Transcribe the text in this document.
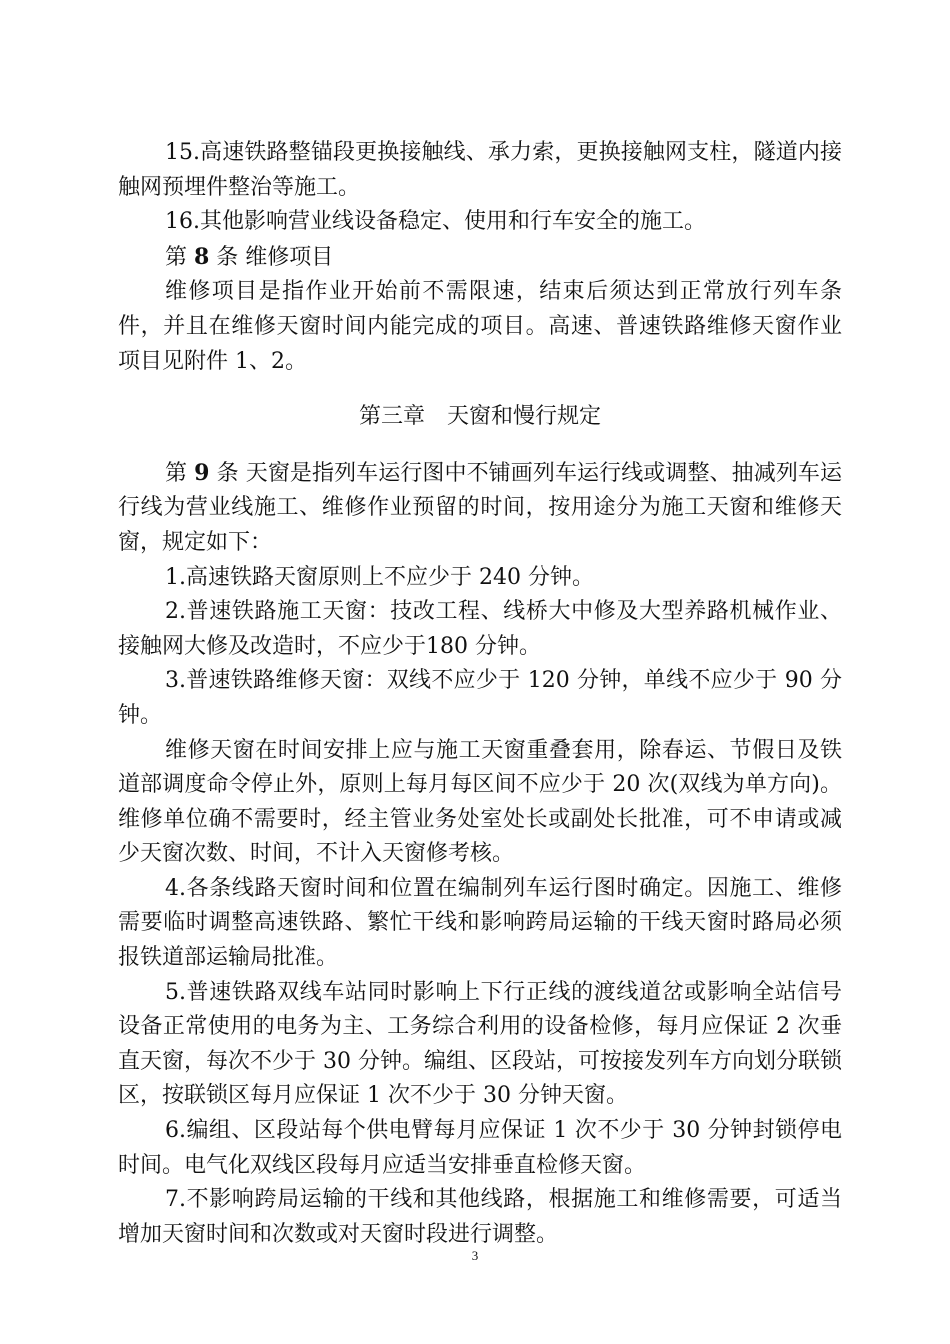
15.高速铁路整锚段更换接触线、承力索，更换接触网支柱，隧道内接触网预埋件整治等施工。

16.其他影响营业线设备稳定、使用和行车安全的施工。

第 8 条 维修项目

维修项目是指作业开始前不需限速，结束后须达到正常放行列车条件，并且在维修天窗时间内能完成的项目。高速、普速铁路维修天窗作业项目见附件 1、2。

第三章　天窗和慢行规定

第 9 条 天窗是指列车运行图中不铺画列车运行线或调整、抽减列车运行线为营业线施工、维修作业预留的时间，按用途分为施工天窗和维修天窗，规定如下：

1.高速铁路天窗原则上不应少于 240 分钟。

2.普速铁路施工天窗：技改工程、线桥大中修及大型养路机械作业、接触网大修及改造时，不应少于180 分钟。

3.普速铁路维修天窗：双线不应少于 120 分钟，单线不应少于 90 分钟。

维修天窗在时间安排上应与施工天窗重叠套用，除春运、节假日及铁道部调度命令停止外，原则上每月每区间不应少于 20 次(双线为单方向)。维修单位确不需要时，经主管业务处室处长或副处长批准，可不申请或减少天窗次数、时间，不计入天窗修考核。

4.各条线路天窗时间和位置在编制列车运行图时确定。因施工、维修需要临时调整高速铁路、繁忙干线和影响跨局运输的干线天窗时路局必须报铁道部运输局批准。

5.普速铁路双线车站同时影响上下行正线的渡线道岔或影响全站信号设备正常使用的电务为主、工务综合利用的设备检修，每月应保证 2 次垂直天窗，每次不少于 30 分钟。编组、区段站，可按接发列车方向划分联锁区，按联锁区每月应保证 1 次不少于 30 分钟天窗。

6.编组、区段站每个供电臂每月应保证 1 次不少于 30 分钟封锁停电时间。电气化双线区段每月应适当安排垂直检修天窗。

7.不影响跨局运输的干线和其他线路，根据施工和维修需要，可适当增加天窗时间和次数或对天窗时段进行调整。

3
